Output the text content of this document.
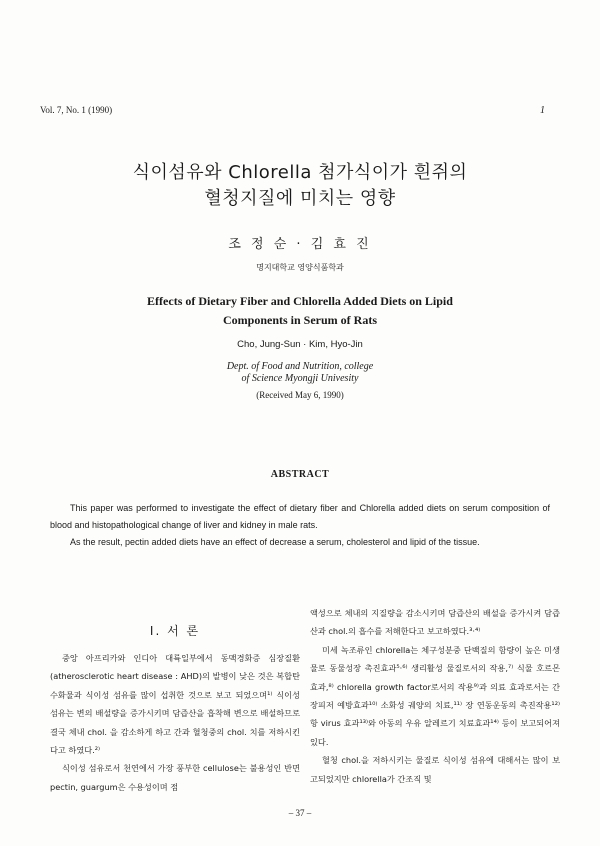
Vol. 7, No. 1 (1990)	1
식이섬유와 Chlorella 첨가식이가 흰쥐의
혈청지질에 미치는 영향
조 정 순 · 김 효 진
명지대학교 영양식품학과
Effects of Dietary Fiber and Chlorella Added Diets on Lipid
Components in Serum of Rats
Cho, Jung-Sun · Kim, Hyo-Jin
Dept. of Food and Nutrition, college
of Science Myongji Univesity
(Received May 6, 1990)
ABSTRACT

This paper was performed to investigate the effect of dietary fiber and Chlorella added diets on serum composition of blood and histopathological change of liver and kidney in male rats.

As the result, pectin added diets have an effect of decrease a serum, cholesterol and lipid of the tissue.

I. 서 론

중앙 아프리카와 인디아 대륙일부에서 동맥경화증 심장질환(atherosclerotic heart disease : AHD)의 발병이 낮은 것은 복합탄수화물과 식이성 섬유를 많이 섭취한 것으로 보고 되었으며¹⁾ 식이성 섬유는 변의 배설량을 증가시키며 담즙산을 흡착해 변으로 배설하므로 결국 체내 chol. 을 감소하게 하고 간과 혈청중의 chol. 치를 저하시킨다고 하였다.²⁾

식이성 섬유로서 천연에서 가장 풍부한 cellulose는 불용성인 반면 pectin, guargum은 수용성이며 점

액성으로 체내의 지질량을 감소시키며 담즙산의 배설을 증가시켜 담즙산과 chol.의 흡수를 저해한다고 보고하였다.³·⁴⁾

미세 녹조류인 chlorella는 체구성분중 단백질의 함량이 높은 미생물로 동물성장 촉진효과⁵·⁶⁾ 생리활성 물질로서의 작용,⁷⁾ 식물 호르몬효과,⁸⁾ chlorella growth factor로서의 작용⁹⁾과 의료 효과로서는 간장피저 예방효과¹⁰⁾ 소화성 궤양의 치료,¹¹⁾ 장 연동운동의 촉진작용¹²⁾ 항 virus 효과¹³⁾와 아동의 우유 알레르기 치료효과¹⁴⁾ 등이 보고되어져 있다.

혈청 chol.을 저하시키는 물질로 식이성 섬유에 대해서는 많이 보고되었지만 chlorella가 간조직 및

– 37 –
